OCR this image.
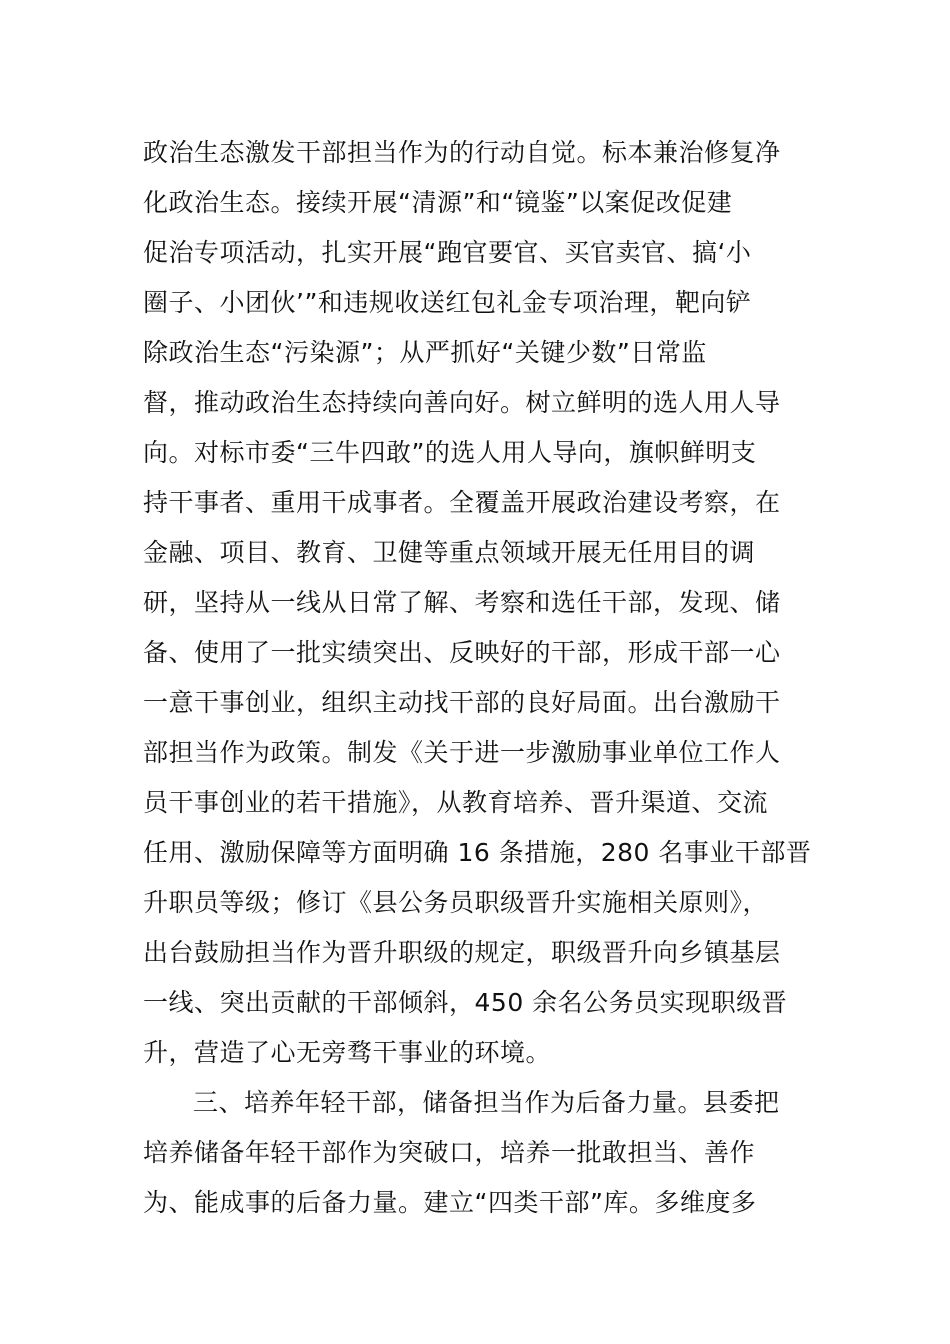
政治生态激发干部担当作为的行动自觉。标本兼治修复净
化政治生态。接续开展“清源”和“镜鉴”以案促改促建
促治专项活动，扎实开展“跑官要官、买官卖官、搞‘小
圈子、小团伙’”和违规收送红包礼金专项治理，靶向铲
除政治生态“污染源”；从严抓好“关键少数”日常监
督，推动政治生态持续向善向好。树立鲜明的选人用人导
向。对标市委“三牛四敢”的选人用人导向，旗帜鲜明支
持干事者、重用干成事者。全覆盖开展政治建设考察，在
金融、项目、教育、卫健等重点领域开展无任用目的调
研，坚持从一线从日常了解、考察和选任干部，发现、储
备、使用了一批实绩突出、反映好的干部，形成干部一心
一意干事创业，组织主动找干部的良好局面。出台激励干
部担当作为政策。制发《关于进一步激励事业单位工作人
员干事创业的若干措施》，从教育培养、晋升渠道、交流
任用、激励保障等方面明确 16 条措施，280 名事业干部晋
升职员等级；修订《县公务员职级晋升实施相关原则》，
出台鼓励担当作为晋升职级的规定，职级晋升向乡镇基层
一线、突出贡献的干部倾斜，450 余名公务员实现职级晋
升，营造了心无旁骛干事业的环境。
三、培养年轻干部，储备担当作为后备力量。县委把
培养储备年轻干部作为突破口，培养一批敢担当、善作
为、能成事的后备力量。建立“四类干部”库。多维度多
